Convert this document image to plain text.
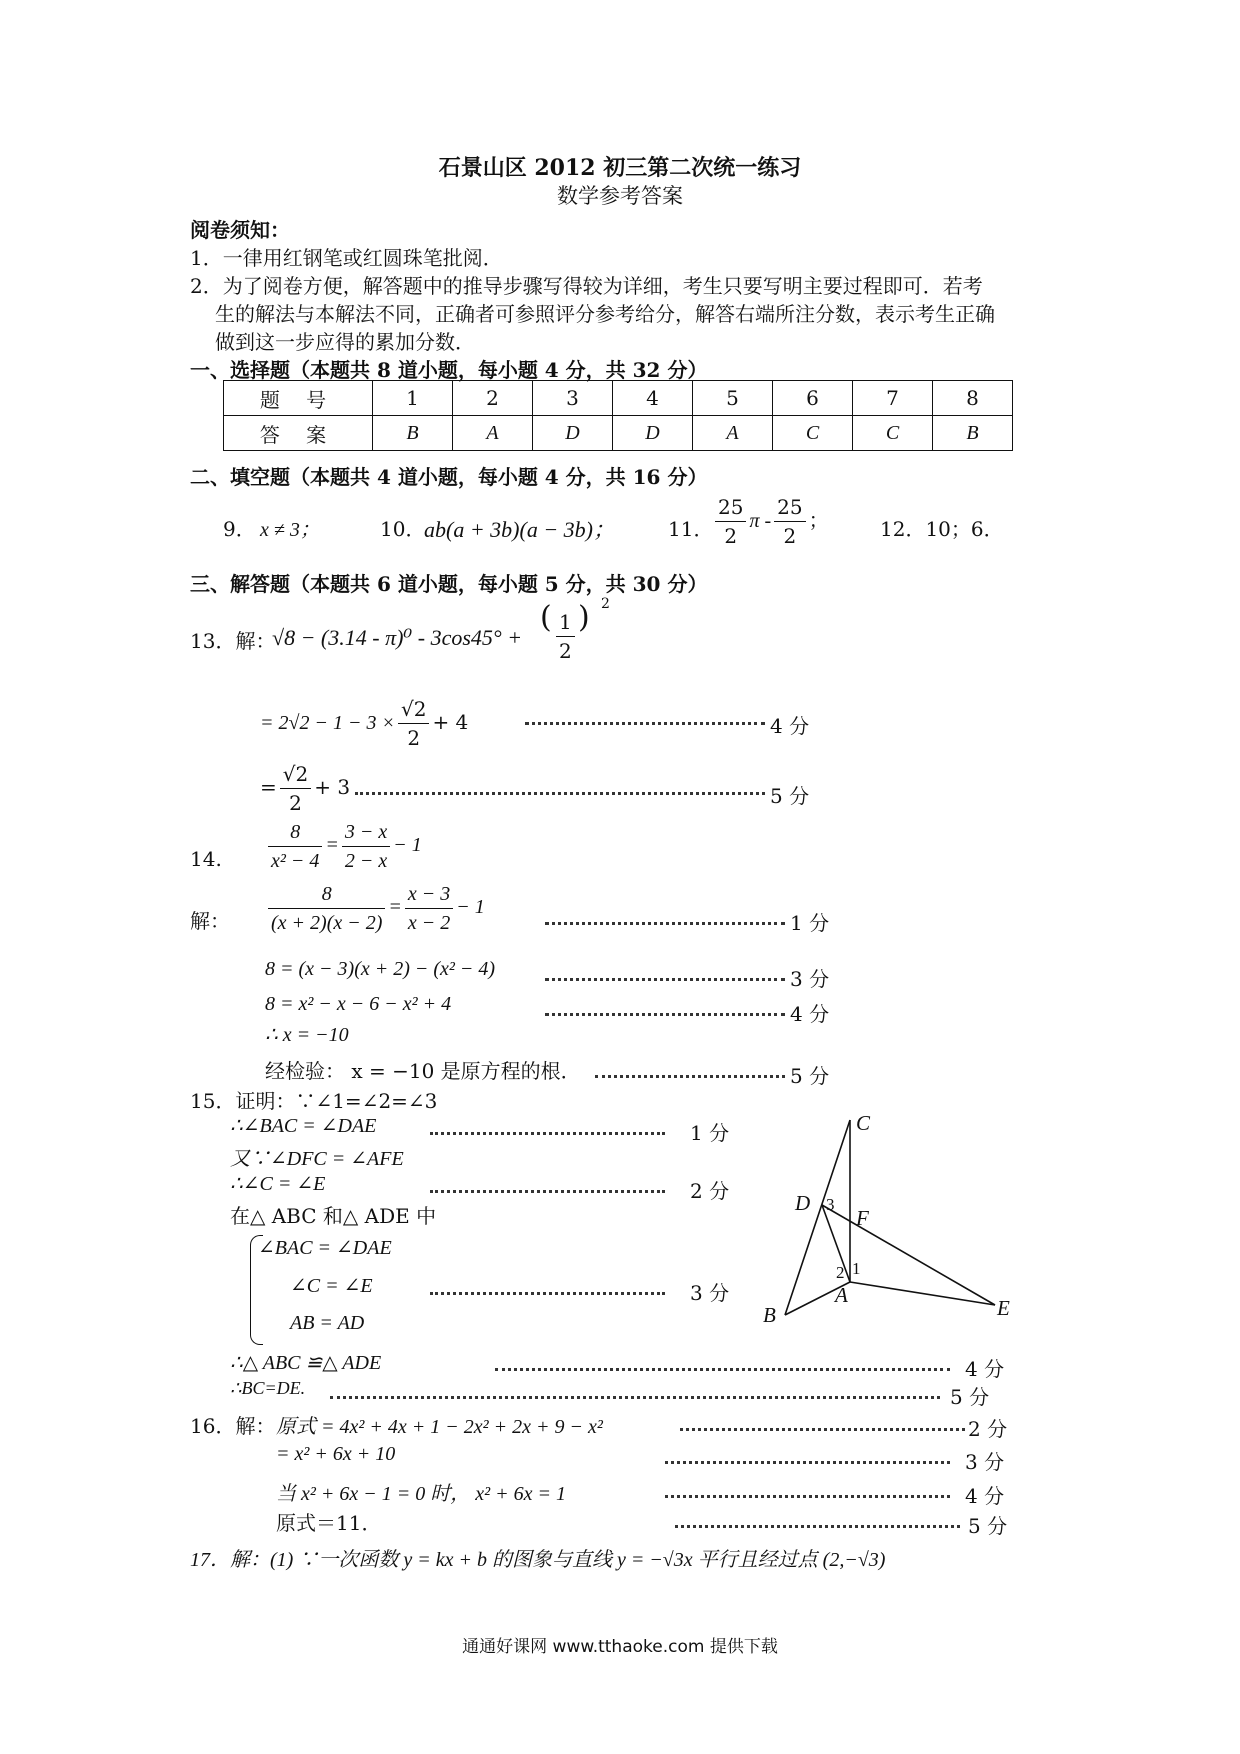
石景山区 2012 初三第二次统一练习
数学参考答案
阅卷须知：
1．一律用红钢笔或红圆珠笔批阅．
2．为了阅卷方便，解答题中的推导步骤写得较为详细，考生只要写明主要过程即可．若考
生的解法与本解法不同，正确者可参照评分参考给分，解答右端所注分数，表示考生正确
做到这一步应得的累加分数．
一、选择题（本题共 8 道小题，每小题 4 分，共 32 分）
题 号	1	2	3	4	5	6	7	8
答 案	B	A	D	D	A	C	C	B
二、填空题（本题共 4 道小题，每小题 4 分，共 16 分）
9． x ≠ 3；	10．
ab(a + 3b)(a − 3b)；	11． $\frac{25}{2}$ π - $\frac{25}{2}$ ；	12．10；6．
三、解答题（本题共 6 道小题，每小题 5 分，共 30 分）
13．解：
√8 − (3.14 - π)⁰ - 3cos45° +
( $\frac{1}{2}$ ) 2
= $2√2 - 1 - 3 \times \frac{√2}{2} + 4$	4 分
= $\frac{√2}{2} + 3$	5 分
14. $\frac{8}{\text{x² − 4}} = \frac{3 - x}{2 - x} - 1$
解： $\frac{8}{(x + 2)(x - 2)} = \frac{x - 3}{x - 2} - 1$
1 分
8 = (x − 3)(x + 2) − (x² − 4)	3 分
8 = x² − x − 6 − x² + 4	4 分
∴ x = −10
经检验： x = −10 是原方程的根．	5 分
15．证明：∵∠1=∠2=∠3
∴∠BAC = ∠DAE	1 分
又∵∠DFC = ∠AFE
∴∠C = ∠E	2 分
在△ ABC 和△ ADE 中
∠BAC = ∠DAE
∠C = ∠E	3 分
AB = AD
∴△ ABC ≌△ ADE	4 分
∴BC=DE.	5 分
C
D
F
A
B	E
3
2 1
16．解： 原式 = 4x² + 4x + 1 − 2x² + 2x + 9 − x²	2 分
= x² + 6x + 10	3 分
当 x² + 6x − 1 = 0 时， x² + 6x = 1	4 分
原式＝11．	5 分
17．解：(1) ∵一次函数 y = kx + b 的图象与直线 y = −√3x 平行且经过点 (2,−√3)
通通好课网 www.tthaoke.com 提供下载
